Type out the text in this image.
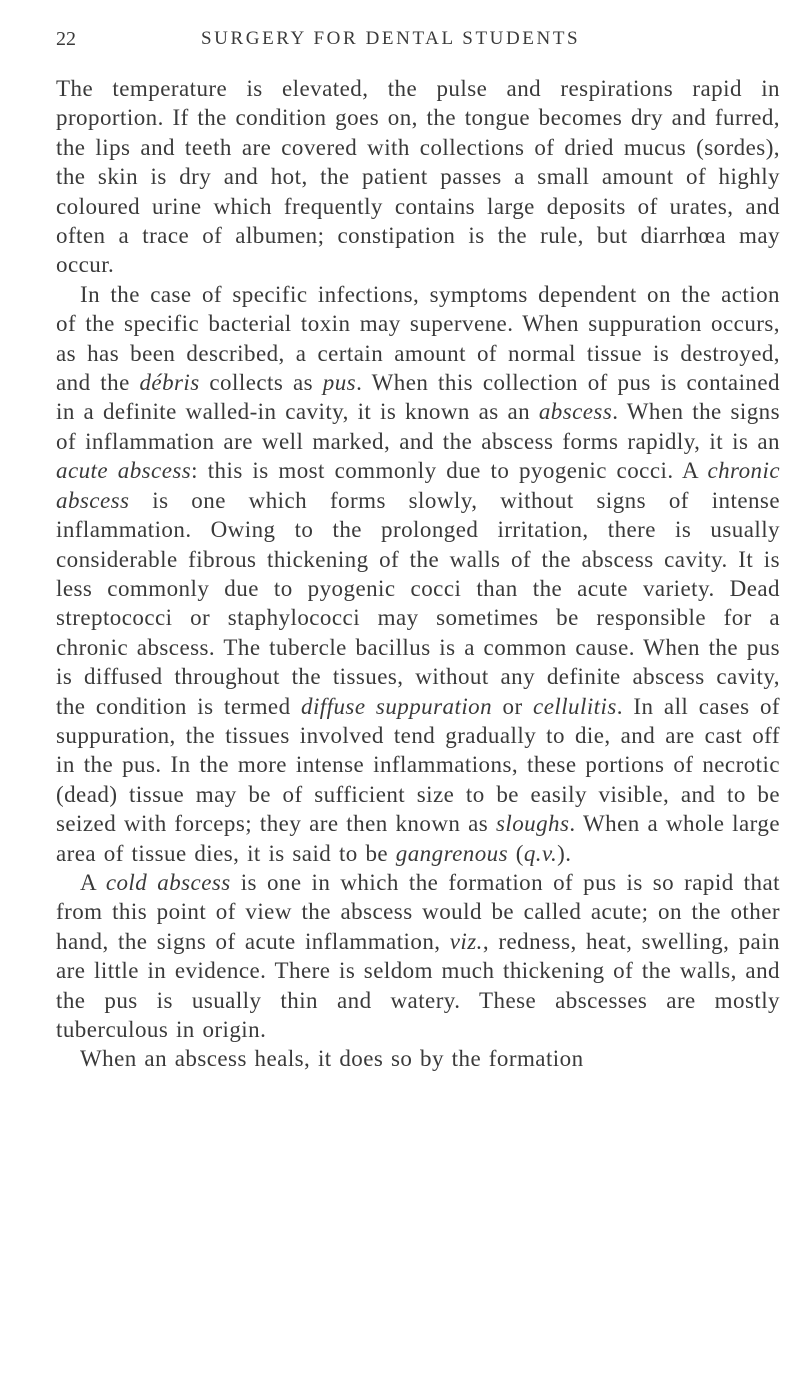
22	SURGERY FOR DENTAL STUDENTS

The temperature is elevated, the pulse and respirations rapid in proportion. If the condition goes on, the tongue becomes dry and furred, the lips and teeth are covered with collections of dried mucus (sordes), the skin is dry and hot, the patient passes a small amount of highly coloured urine which frequently contains large deposits of urates, and often a trace of albumen; constipation is the rule, but diarrhœa may occur.

In the case of specific infections, symptoms dependent on the action of the specific bacterial toxin may supervene. When suppuration occurs, as has been described, a certain amount of normal tissue is destroyed, and the débris collects as pus. When this collection of pus is contained in a definite walled-in cavity, it is known as an abscess. When the signs of inflammation are well marked, and the abscess forms rapidly, it is an acute abscess: this is most commonly due to pyogenic cocci. A chronic abscess is one which forms slowly, without signs of intense inflammation. Owing to the prolonged irritation, there is usually considerable fibrous thickening of the walls of the abscess cavity. It is less commonly due to pyogenic cocci than the acute variety. Dead streptococci or staphylococci may sometimes be responsible for a chronic abscess. The tubercle bacillus is a common cause. When the pus is diffused throughout the tissues, without any definite abscess cavity, the condition is termed diffuse suppuration or cellulitis. In all cases of suppuration, the tissues involved tend gradually to die, and are cast off in the pus. In the more intense inflammations, these portions of necrotic (dead) tissue may be of sufficient size to be easily visible, and to be seized with forceps; they are then known as sloughs. When a whole large area of tissue dies, it is said to be gangrenous (q.v.).

A cold abscess is one in which the formation of pus is so rapid that from this point of view the abscess would be called acute; on the other hand, the signs of acute inflammation, viz., redness, heat, swelling, pain are little in evidence. There is seldom much thickening of the walls, and the pus is usually thin and watery. These abscesses are mostly tuberculous in origin.

When an abscess heals, it does so by the formation
